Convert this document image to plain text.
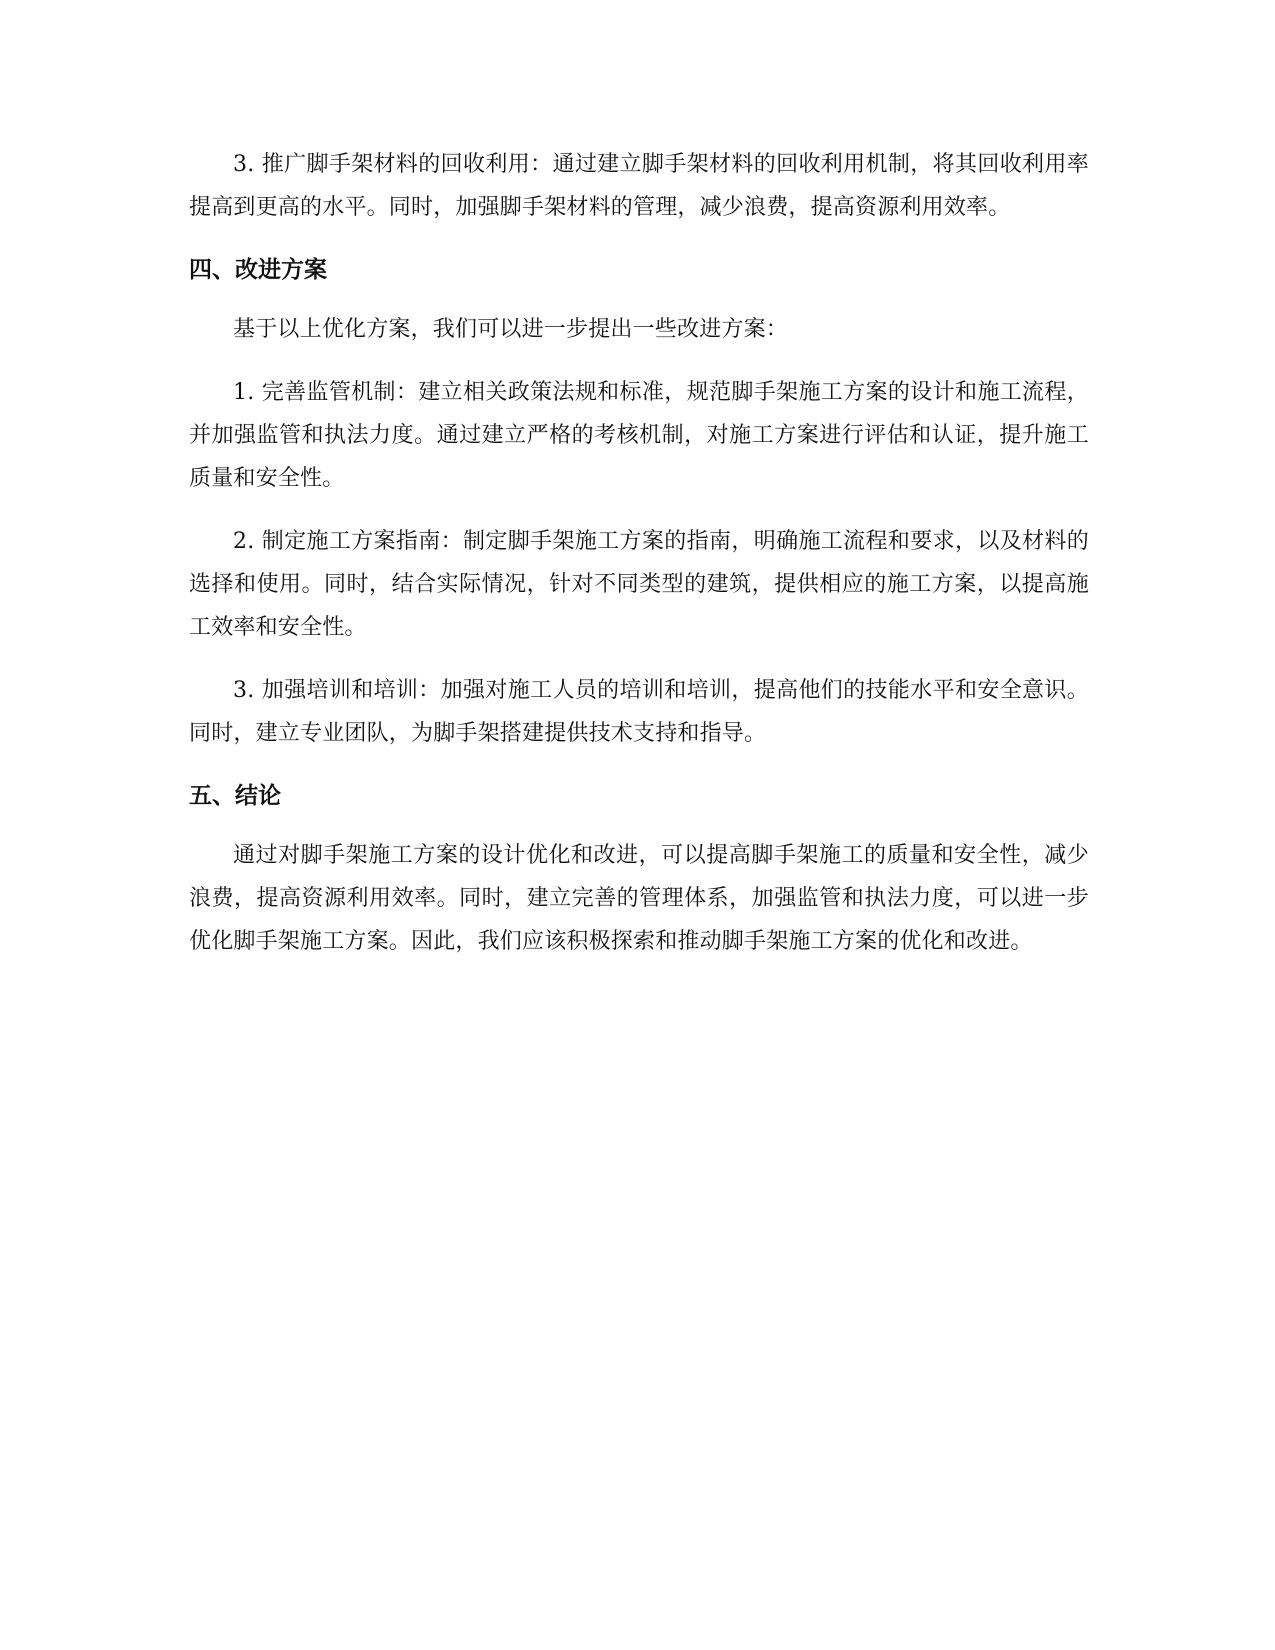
3. 推广脚手架材料的回收利用：通过建立脚手架材料的回收利用机制，将其回收利用率提高到更高的水平。同时，加强脚手架材料的管理，减少浪费，提高资源利用效率。

四、改进方案

基于以上优化方案，我们可以进一步提出一些改进方案：

1. 完善监管机制：建立相关政策法规和标准，规范脚手架施工方案的设计和施工流程，并加强监管和执法力度。通过建立严格的考核机制，对施工方案进行评估和认证，提升施工质量和安全性。

2. 制定施工方案指南：制定脚手架施工方案的指南，明确施工流程和要求，以及材料的选择和使用。同时，结合实际情况，针对不同类型的建筑，提供相应的施工方案，以提高施工效率和安全性。

3. 加强培训和培训：加强对施工人员的培训和培训，提高他们的技能水平和安全意识。同时，建立专业团队，为脚手架搭建提供技术支持和指导。

五、结论

通过对脚手架施工方案的设计优化和改进，可以提高脚手架施工的质量和安全性，减少浪费，提高资源利用效率。同时，建立完善的管理体系，加强监管和执法力度，可以进一步优化脚手架施工方案。因此，我们应该积极探索和推动脚手架施工方案的优化和改进。
